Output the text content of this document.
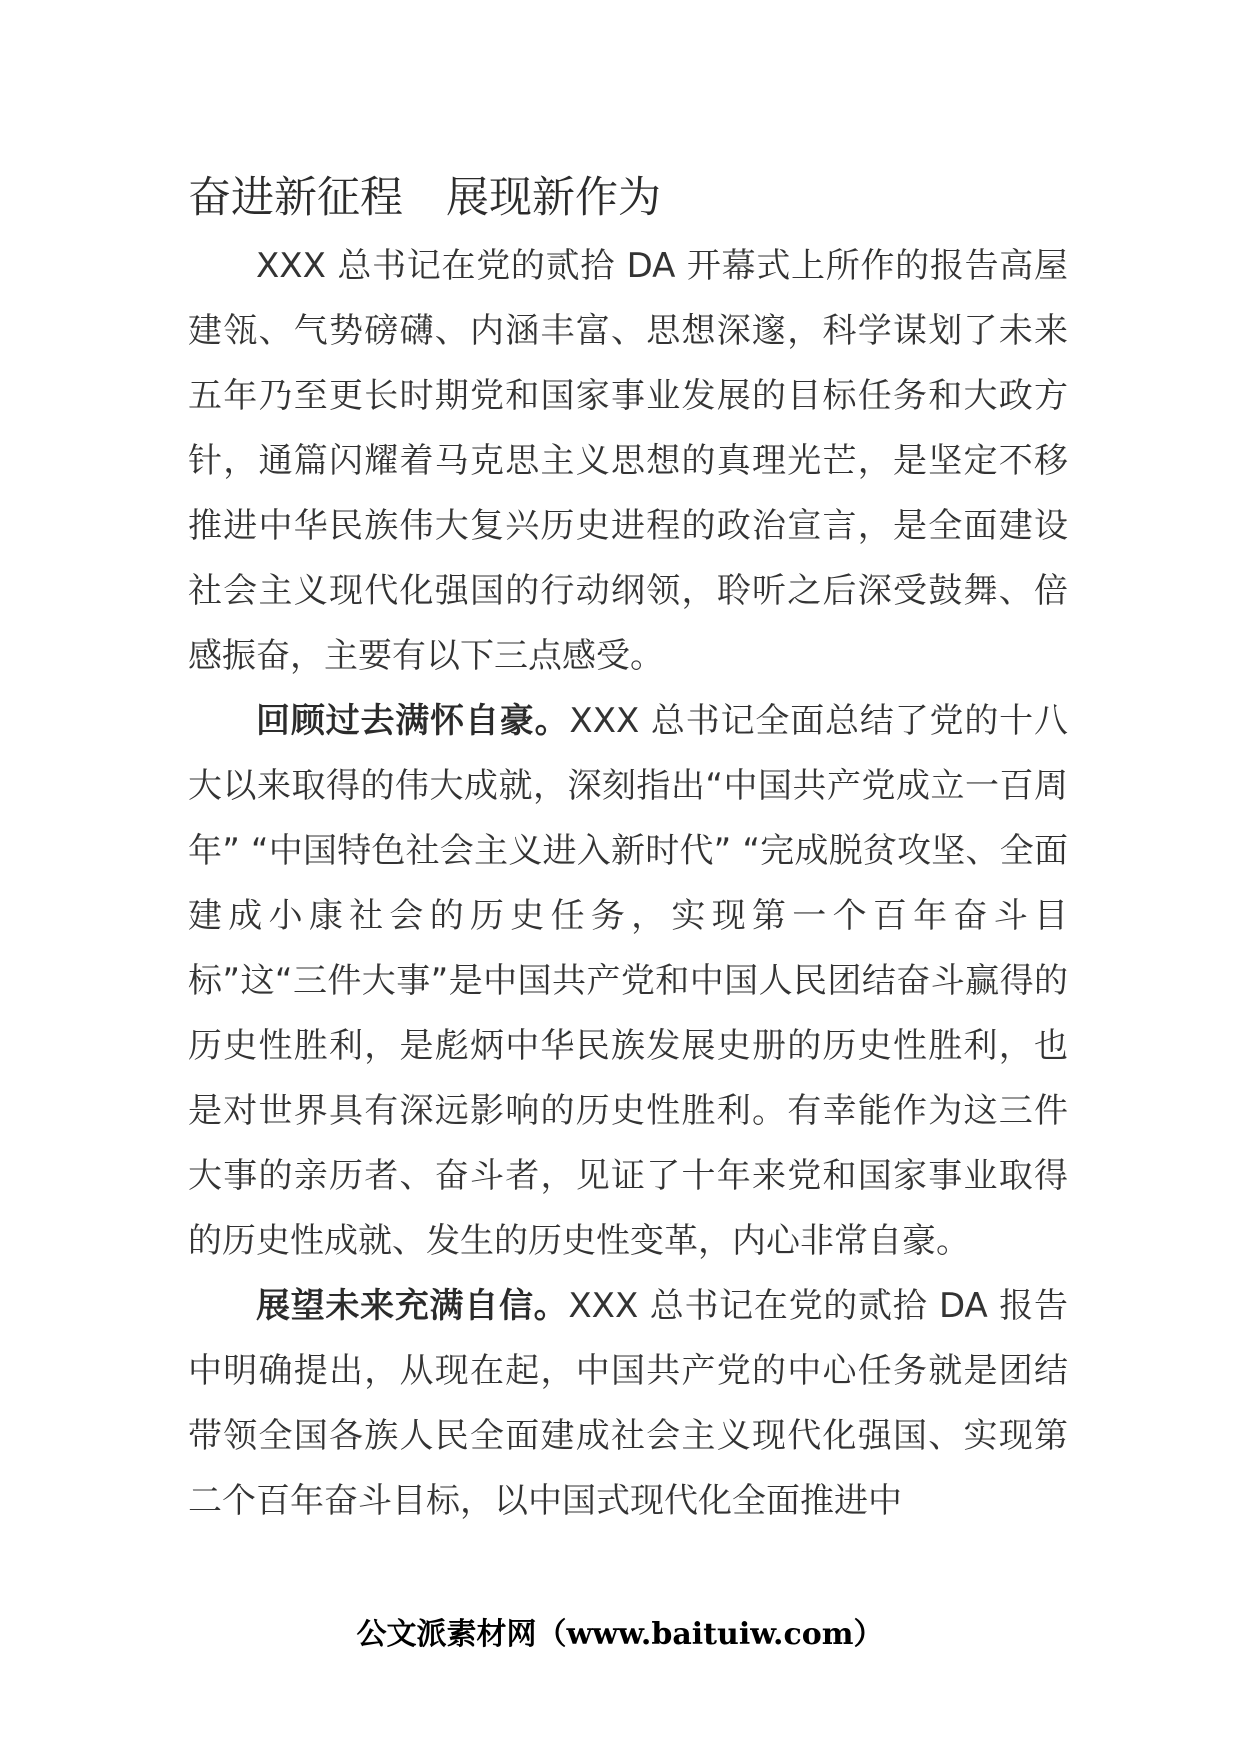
奋进新征程　展现新作为

XXX 总书记在党的贰拾 DA 开幕式上所作的报告高屋建瓴、气势磅礴、内涵丰富、思想深邃，科学谋划了未来五年乃至更长时期党和国家事业发展的目标任务和大政方针，通篇闪耀着马克思主义思想的真理光芒，是坚定不移推进中华民族伟大复兴历史进程的政治宣言，是全面建设社会主义现代化强国的行动纲领，聆听之后深受鼓舞、倍感振奋，主要有以下三点感受。

回顾过去满怀自豪。XXX 总书记全面总结了党的十八大以来取得的伟大成就，深刻指出“中国共产党成立一百周年” “中国特色社会主义进入新时代” “完成脱贫攻坚、全面建成小康社会的历史任务，实现第一个百年奋斗目标”这“三件大事”是中国共产党和中国人民团结奋斗赢得的历史性胜利，是彪炳中华民族发展史册的历史性胜利，也是对世界具有深远影响的历史性胜利。有幸能作为这三件大事的亲历者、奋斗者，见证了十年来党和国家事业取得的历史性成就、发生的历史性变革，内心非常自豪。

展望未来充满自信。XXX 总书记在党的贰拾 DA 报告中明确提出，从现在起，中国共产党的中心任务就是团结带领全国各族人民全面建成社会主义现代化强国、实现第二个百年奋斗目标，以中国式现代化全面推进中

公文派素材网（www.baituiw.com）
